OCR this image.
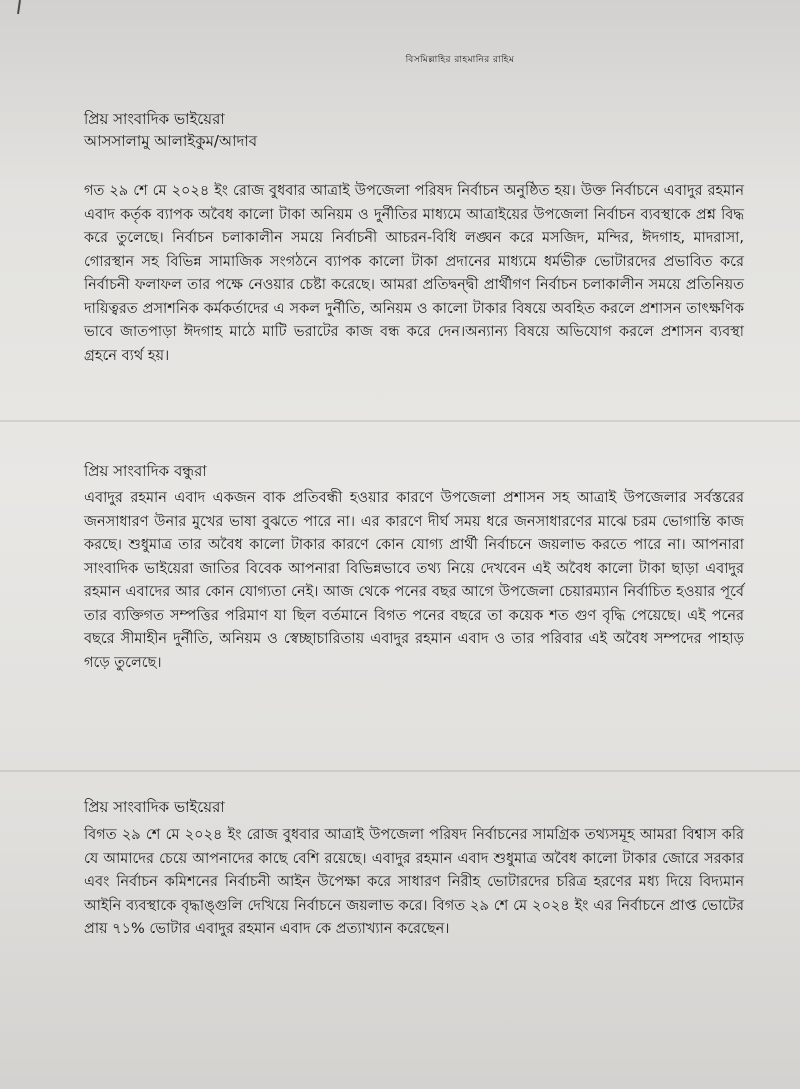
বিসমিল্লাহির রাহমানির রাহিম

প্রিয় সাংবাদিক ভাইয়েরা

আসসালামু আলাইকুম/আদাব

গত ২৯ শে মে ২০২৪ ইং রোজ বুধবার আত্রাই উপজেলা পরিষদ নির্বাচন অনুষ্ঠিত হয়। উক্ত নির্বাচনে এবাদুর রহমান এবাদ কর্তৃক ব্যাপক অবৈধ কালো টাকা অনিয়ম ও দুর্নীতির মাধ্যমে আত্রাইয়ের উপজেলা নির্বাচন ব্যবস্থাকে প্রশ্ন বিদ্ধ করে তুলেছে। নির্বাচন চলাকালীন সময়ে নির্বাচনী আচরন-বিধি লঙ্ঘন করে মসজিদ, মন্দির, ঈদগাহ, মাদরাসা, গোরস্থান সহ বিভিন্ন সামাজিক সংগঠনে ব্যাপক কালো টাকা প্রদানের মাধ্যমে ধর্মভীরু ভোটারদের প্রভাবিত করে নির্বাচনী ফলাফল তার পক্ষে নেওয়ার চেষ্টা করেছে। আমরা প্রতিদ্বন্দ্বী প্রার্থীগণ নির্বাচন চলাকালীন সময়ে প্রতিনিয়ত দায়িত্বরত প্রসাশনিক কর্মকর্তাদের এ সকল দুর্নীতি, অনিয়ম ও কালো টাকার বিষয়ে অবহিত করলে প্রশাসন তাৎক্ষণিক ভাবে জাতপাড়া ঈদগাহ মাঠে মাটি ভরাটের কাজ বন্ধ করে দেন।অন্যান্য বিষয়ে অভিযোগ করলে প্রশাসন ব্যবস্থা গ্রহনে ব্যর্থ হয়।

প্রিয় সাংবাদিক বন্ধুরা

এবাদুর রহমান এবাদ একজন বাক প্রতিবন্ধী হওয়ার কারণে উপজেলা প্রশাসন সহ আত্রাই উপজেলার সর্বস্তরের জনসাধারণ উনার মুখের ভাষা বুঝতে পারে না। এর কারণে দীর্ঘ সময় ধরে জনসাধারণের মাঝে চরম ভোগান্তি কাজ করছে। শুধুমাত্র তার অবৈধ কালো টাকার কারণে কোন যোগ্য প্রার্থী নির্বাচনে জয়লাভ করতে পারে না। আপনারা সাংবাদিক ভাইয়েরা জাতির বিবেক আপনারা বিভিন্নভাবে তথ্য নিয়ে দেখবেন এই অবৈধ কালো টাকা ছাড়া এবাদুর রহমান এবাদের আর কোন যোগ্যতা নেই। আজ থেকে পনের বছর আগে উপজেলা চেয়ারম্যান নির্বাচিত হওয়ার পূর্বে তার ব্যক্তিগত সম্পত্তির পরিমাণ যা ছিল বর্তমানে বিগত পনের বছরে তা কয়েক শত গুণ বৃদ্ধি পেয়েছে। এই পনের বছরে সীমাহীন দুর্নীতি, অনিয়ম ও স্বেচ্ছাচারিতায় এবাদুর রহমান এবাদ ও তার পরিবার এই অবৈধ সম্পদের পাহাড় গড়ে তুলেছে।

প্রিয় সাংবাদিক ভাইয়েরা

বিগত ২৯ শে মে ২০২৪ ইং রোজ বুধবার আত্রাই উপজেলা পরিষদ নির্বাচনের সামগ্রিক তথ্যসমূহ আমরা বিশ্বাস করি যে আমাদের চেয়ে আপনাদের কাছে বেশি রয়েছে। এবাদুর রহমান এবাদ শুধুমাত্র অবৈধ কালো টাকার জোরে সরকার এবং নির্বাচন কমিশনের নির্বাচনী আইন উপেক্ষা করে সাধারণ নিরীহ ভোটারদের চরিত্র হরণের মধ্য দিয়ে বিদ্যমান আইনি ব্যবস্থাকে বৃদ্ধাঙ্গুলি দেখিয়ে নির্বাচনে জয়লাভ করে। বিগত ২৯ শে মে ২০২৪ ইং এর নির্বাচনে প্রাপ্ত ভোটের প্রায় ৭১% ভোটার এবাদুর রহমান এবাদ কে প্রত্যাখ্যান করেছেন।
